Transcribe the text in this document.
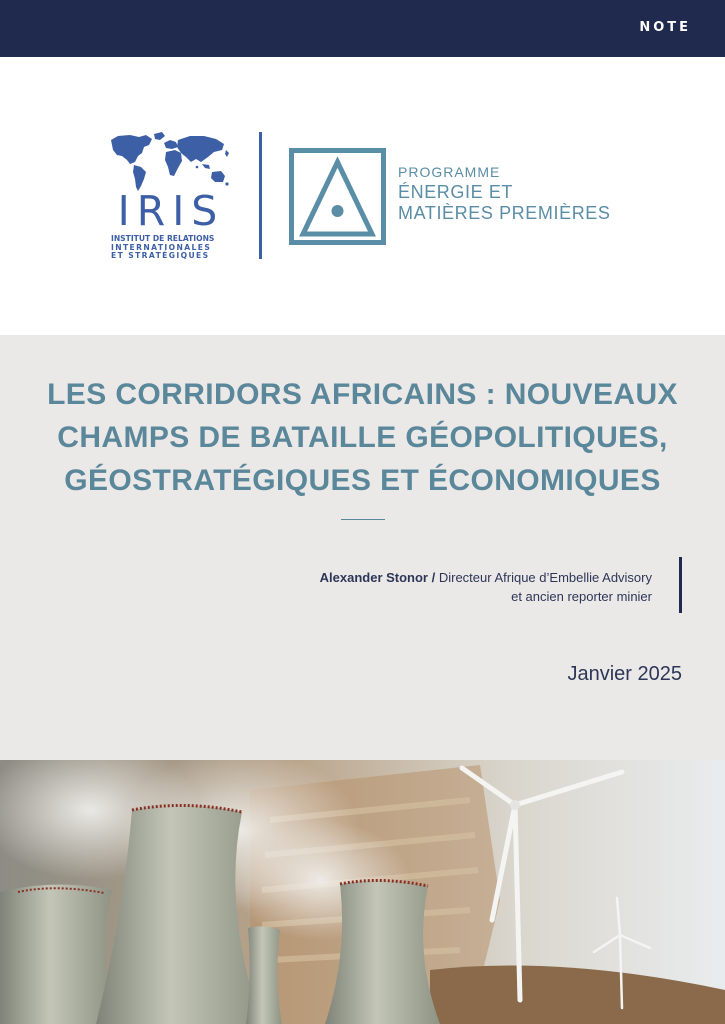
NOTE
IRIS
INSTITUT DE RELATIONS
INTERNATIONALES
ET STRATÉGIQUES
PROGRAMME
ÉNERGIE ET
MATIÈRES PREMIÈRES
LES CORRIDORS AFRICAINS : NOUVEAUX
CHAMPS DE BATAILLE GÉOPOLITIQUES,
GÉOSTRATÉGIQUES ET ÉCONOMIQUES
Alexander Stonor / Directeur Afrique d’Embellie Advisory
et ancien reporter minier
Janvier 2025
